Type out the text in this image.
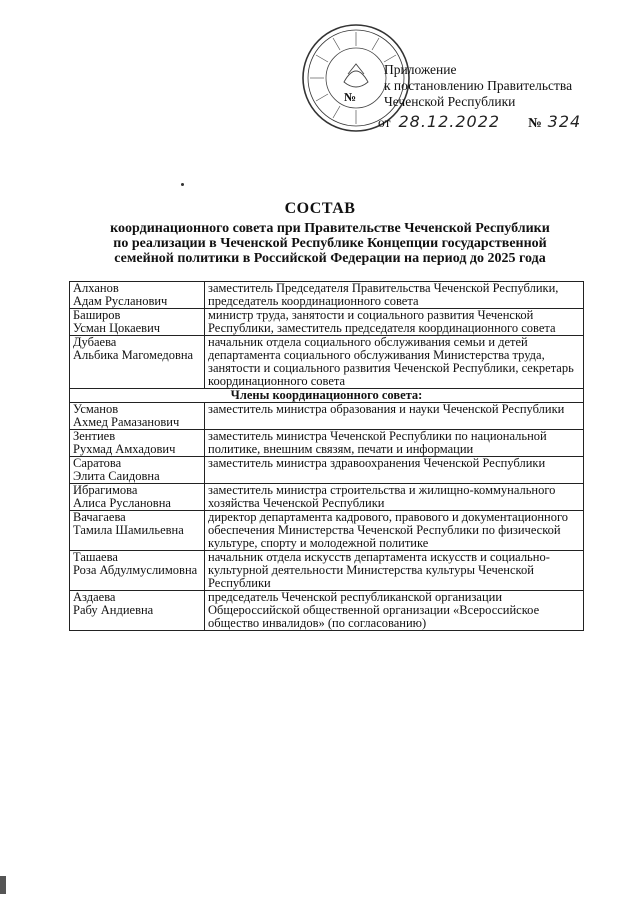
Приложение
к постановлению Правительства
Чеченской Республики
№
от 28.12.2022 № 324
СОСТАВ
координационного совета при Правительстве Чеченской Республики
по реализации в Чеченской Республике Концепции государственной
семейной политики в Российской Федерации на период до 2025 года
Алханов
Адам Русланович	заместитель Председателя Правительства Чеченской Республики, председатель координационного совета

Баширов
Усман Цокаевич	министр труда, занятости и социального развития Чеченской Республики, заместитель председателя координационного совета

Дубаева
Альбика Магомедовна	начальник отдела социального обслуживания семьи и детей департамента социального обслуживания Министерства труда, занятости и социального развития Чеченской Республики, секретарь координационного совета
Члены координационного совета:	

Усманов
Ахмед Рамазанович	заместитель министра образования и науки Чеченской Республики

Зентиев
Рухмад Амхадович	заместитель министра Чеченской Республики по национальной политике, внешним связям, печати и информации

Саратова
Элита Саидовна	заместитель министра здравоохранения Чеченской Республики

Ибрагимова
Алиса Руслановна	заместитель министра строительства и жилищно-коммунального хозяйства Чеченской Республики

Вачагаева
Тамила Шамильевна	директор департамента кадрового, правового и документационного обеспечения Министерства Чеченской Республики по физической культуре, спорту и молодежной политике

Ташаева
Роза Абдулмуслимовна	начальник отдела искусств департамента искусств и социально-культурной деятельности Министерства культуры Чеченской Республики

Аздаева
Рабу Андиевна	председатель Чеченской республиканской организации Общероссийской общественной организации «Всероссийское общество инвалидов» (по согласованию)
